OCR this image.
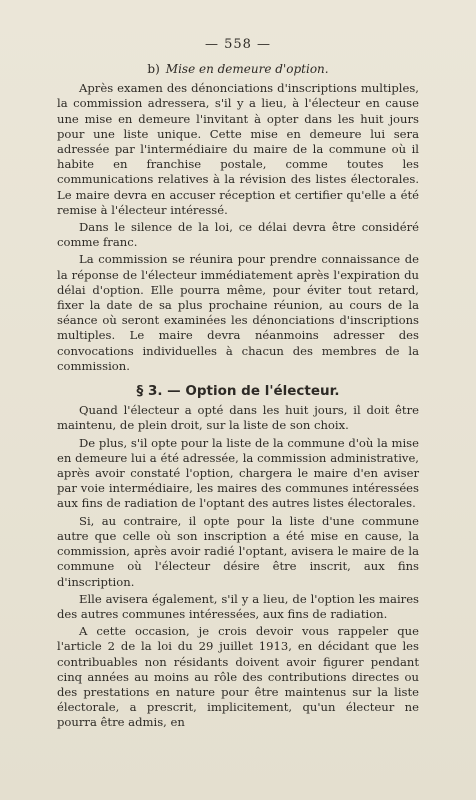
— 558 —
b) Mise en demeure d'option.

Après examen des dénonciations d'inscriptions multiples, la commission adressera, s'il y a lieu, à l'électeur en cause une mise en demeure l'invitant à opter dans les huit jours pour une liste unique. Cette mise en demeure lui sera adressée par l'intermédiaire du maire de la commune où il habite en franchise postale, comme toutes les communications relatives à la révision des listes électorales. Le maire devra en accuser réception et certifier qu'elle a été remise à l'électeur intéressé.

Dans le silence de la loi, ce délai devra être considéré comme franc.

La commission se réunira pour prendre connaissance de la réponse de l'électeur immédiatement après l'expiration du délai d'option. Elle pourra même, pour éviter tout retard, fixer la date de sa plus prochaine réunion, au cours de la séance où seront examinées les dénonciations d'inscriptions multiples. Le maire devra néanmoins adresser des convocations individuelles à chacun des membres de la commission.

§ 3. — Option de l'électeur.

Quand l'électeur a opté dans les huit jours, il doit être maintenu, de plein droit, sur la liste de son choix.

De plus, s'il opte pour la liste de la commune d'où la mise en demeure lui a été adressée, la commission administrative, après avoir constaté l'option, chargera le maire d'en aviser par voie intermédiaire, les maires des communes intéressées aux fins de radiation de l'optant des autres listes électorales.

Si, au contraire, il opte pour la liste d'une commune autre que celle où son inscription a été mise en cause, la commission, après avoir radié l'optant, avisera le maire de la commune où l'électeur désire être inscrit, aux fins d'inscription.

Elle avisera également, s'il y a lieu, de l'option les maires des autres communes intéressées, aux fins de radiation.

A cette occasion, je crois devoir vous rappeler que l'article 2 de la loi du 29 juillet 1913, en décidant que les contribuables non résidants doivent avoir figurer pendant cinq années au moins au rôle des contributions directes ou des prestations en nature pour être maintenus sur la liste électorale, a prescrit, implicitement, qu'un électeur ne pourra être admis, en
